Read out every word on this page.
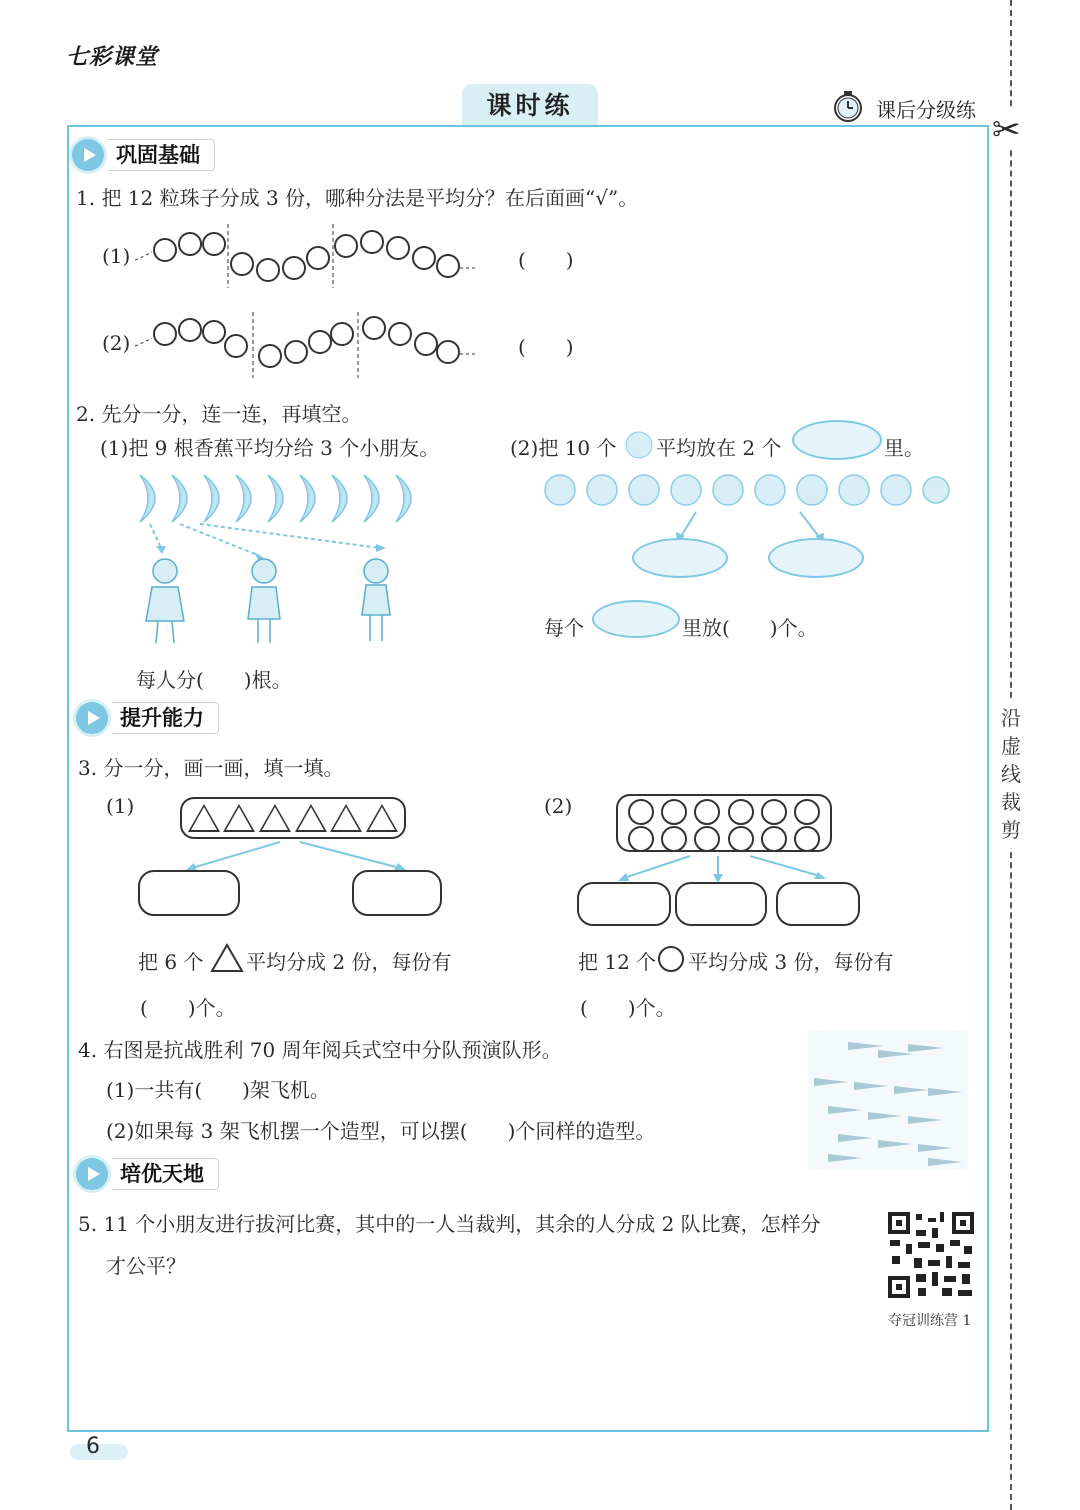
七彩课堂
课时练	课后分级练 ✂
沿
虚
线
裁
剪
巩固基础
1. 把 12 粒珠子分成 3 份，哪种分法是平均分？在后面画“√”。
(1)	(　　)
(2)	(　　)
2. 先分一分，连一连，再填空。
(1)把 9 根香蕉平均分给 3 个小朋友。
每人分(　　)根。
(2)把 10 个 平均放在 2 个	里。
每个	里放(　　)个。
提升能力
3. 分一分，画一画，填一填。
(1)
把 6 个 平均分成 2 份，每份有
(　　)个。
(2)
把 12 个 平均分成 3 份，每份有
(　　)个。
4. 右图是抗战胜利 70 周年阅兵式空中分队预演队形。
(1)一共有(　　)架飞机。
(2)如果每 3 架飞机摆一个造型，可以摆(　　)个同样的造型。
培优天地
5. 11 个小朋友进行拔河比赛，其中的一人当裁判，其余的人分成 2 队比赛，怎样分
才公平？
夺冠训练营 1
6
